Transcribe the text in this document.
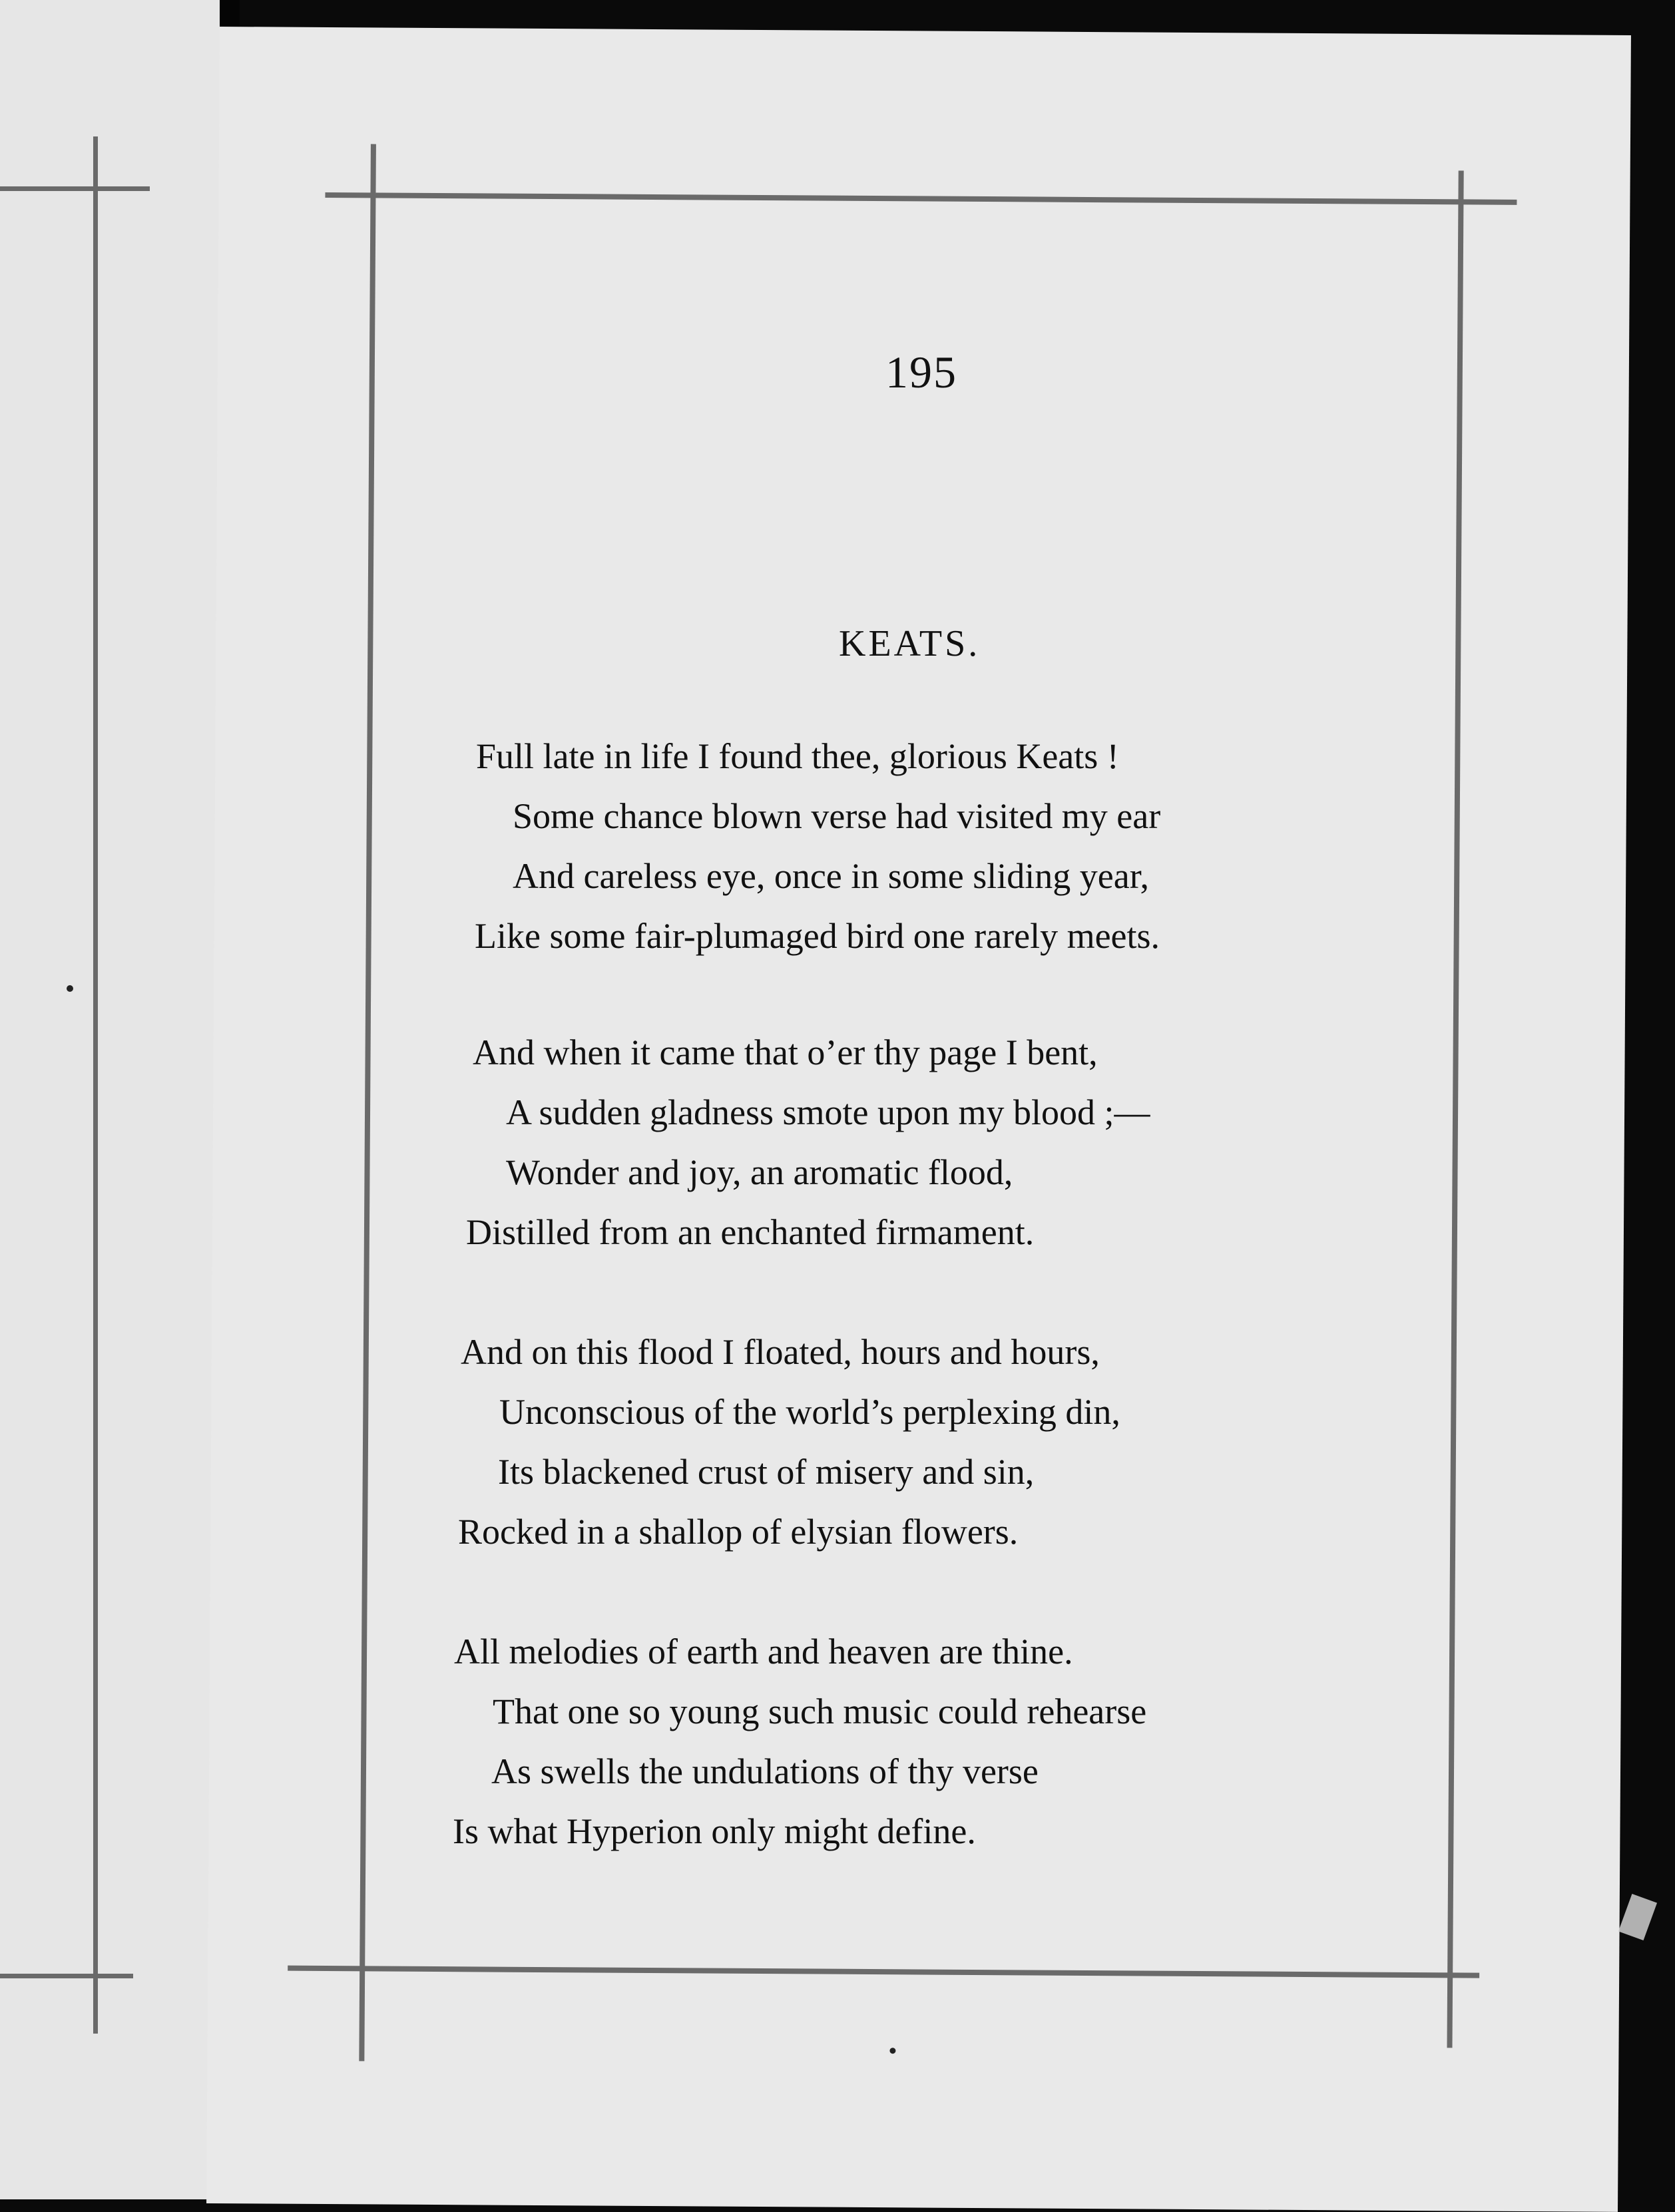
195
KEATS.
Full late in life I found thee, glorious Keats !
Some chance blown verse had visited my ear
And careless eye, once in some sliding year,
Like some fair-plumaged bird one rarely meets.
And when it came that o’er thy page I bent,
A sudden gladness smote upon my blood ;—
Wonder and joy, an aromatic flood,
Distilled from an enchanted firmament.
And on this flood I floated, hours and hours,
Unconscious of the world’s perplexing din,
Its blackened crust of misery and sin,
Rocked in a shallop of elysian flowers.
All melodies of earth and heaven are thine.
That one so young such music could rehearse
As swells the undulations of thy verse
Is what Hyperion only might define.
